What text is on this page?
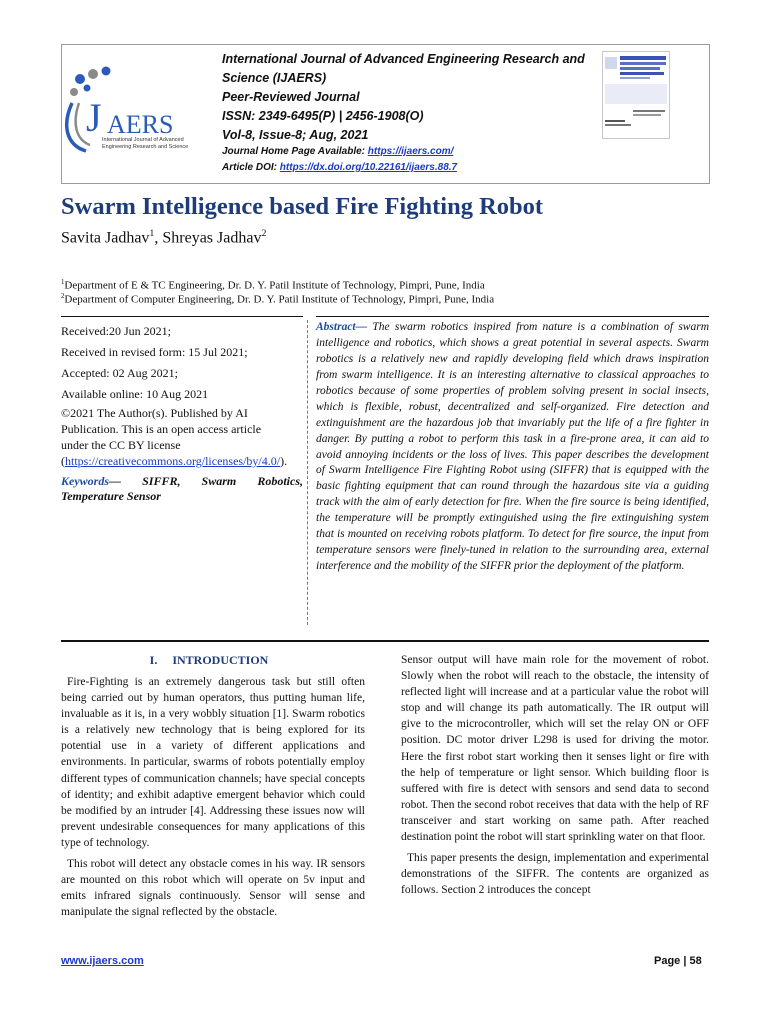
J AERS
International Journal of Advanced
Engineering Research and Science
International Journal of Advanced Engineering Research and
Science (IJAERS)
Peer-Reviewed Journal
ISSN: 2349-6495(P) | 2456-1908(O)
Vol-8, Issue-8; Aug, 2021
Journal Home Page Available: https://ijaers.com/
Article DOI: https://dx.doi.org/10.22161/ijaers.88.7
Swarm Intelligence based Fire Fighting Robot
Savita Jadhav$^1$, Shreyas Jadhav$^2$
$^1$Department of E & TC Engineering, Dr. D. Y. Patil Institute of Technology, Pimpri, Pune, India
$^2$Department of Computer Engineering, Dr. D. Y. Patil Institute of Technology, Pimpri, Pune, India
Received:20 Jun 2021;
Received in revised form: 15 Jul 2021;
Accepted: 02 Aug 2021;
Available online: 10 Aug 2021
©2021 The Author(s). Published by AI
Publication. This is an open access article
under the CC BY license
(https://creativecommons.org/licenses/by/4.0/).
Keywords— SIFFR, Swarm Robotics,
Temperature Sensor
Abstract— The swarm robotics inspired from nature is a combination of swarm intelligence and robotics, which shows a great potential in several aspects. Swarm robotics is a relatively new and rapidly developing field which draws inspiration from swarm intelligence. It is an interesting alternative to classical approaches to robotics because of some properties of problem solving present in social insects, which is flexible, robust, decentralized and self-organized. Fire detection and extinguishment are the hazardous job that invariably put the life of a fire fighter in danger. By putting a robot to perform this task in a fire-prone area, it can aid to avoid annoying incidents or the loss of lives. This paper describes the development of Swarm Intelligence Fire Fighting Robot using (SIFFR) that is equipped with the basic fighting equipment that can round through the hazardous site via a guiding track with the aim of early detection for fire. When the fire source is being identified, the temperature will be promptly extinguished using the fire extinguishing system that is mounted on receiving robots platform. To detect for fire source, the input from temperature sensors were finely-tuned in relation to the surrounding area, external interference and the mobility of the SIFFR prior the deployment of the platform.
I.     INTRODUCTION

Fire-Fighting is an extremely dangerous task but still often being carried out by human operators, thus putting human life, invaluable as it is, in a very wobbly situation [1]. Swarm robotics is a relatively new technology that is being explored for its potential use in a variety of different applications and environments. In particular, swarms of robots potentially employ different types of communication channels; have special concepts of identity; and exhibit adaptive emergent behavior which could be modified by an intruder [4]. Addressing these issues now will prevent undesirable consequences for many applications of this type of technology.

This robot will detect any obstacle comes in his way. IR sensors are mounted on this robot which will operate on 5v input and emits infrared signals continuously. Sensor will sense and manipulate the signal reflected by the obstacle.

Sensor output will have main role for the movement of robot. Slowly when the robot will reach to the obstacle, the intensity of reflected light will increase and at a particular value the robot will stop and will change its path automatically. The IR output will give to the microcontroller, which will set the relay ON or OFF position. DC motor driver L298 is used for driving the motor. Here the first robot start working then it senses light or fire with the help of temperature or light sensor. Which building floor is suffered with fire is detect with sensors and send data to second robot. Then the second robot receives that data with the help of RF transceiver and start working on same path. After reached destination point the robot will start sprinkling water on that floor.

This paper presents the design, implementation and experimental demonstrations of the SIFFR. The contents are organized as follows. Section 2 introduces the concept

www.ijaers.com	Page | 58
